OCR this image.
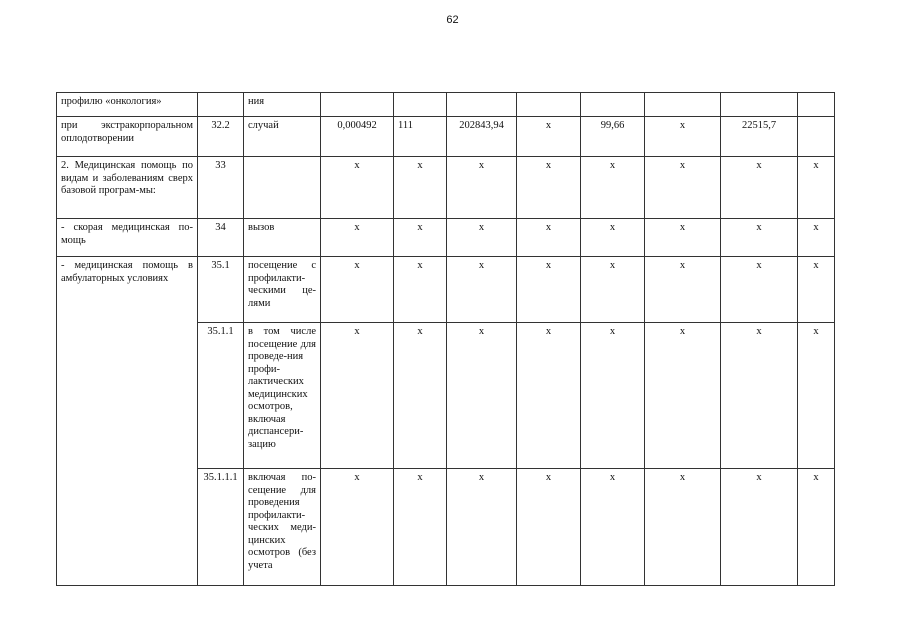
62
профилю «онкология»		ния								
при экстракорпоральном оплодотворении	32.2	случай	0,000492	111	202843,94	х	99,66	х	22515,7	
2. Медицинская помощь по видам и заболеваниям сверх базовой програм-мы:	33		х	х	х	х	х	х	х	х
- скорая медицинская по-мощь	34	вызов	х	х	х	х	х	х	х	х
- медицинская помощь в амбулаторных условиях	35.1	посещение с профилакти-ческими це-лями	х	х	х	х	х	х	х	х
	35.1.1	в том числе посещение для проведе-ния профи-лактических медицинских осмотров, включая диспансери-зацию	х	х	х	х	х	х	х	х
	35.1.1.1	включая по-сещение для проведения профилакти-ческих меди-цинских осмотров (без учета	х	х	х	х	х	х	х	х
